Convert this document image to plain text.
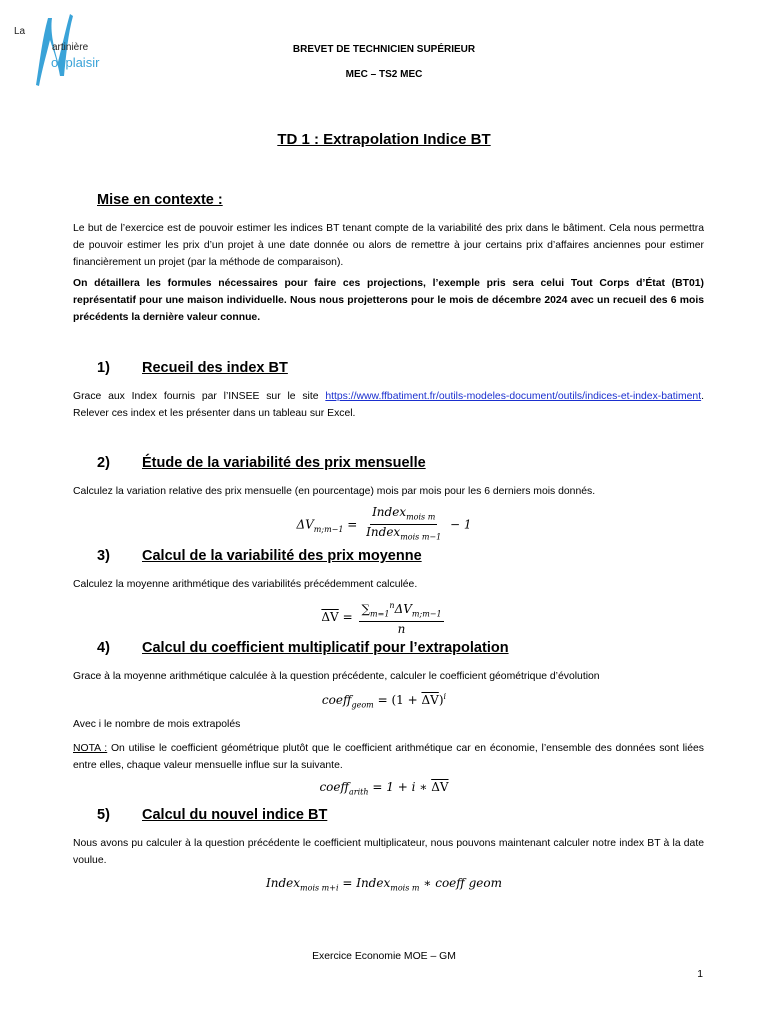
La
artinière
onplaisir
BREVET DE TECHNICIEN SUPÉRIEUR
MEC – TS2 MEC
TD 1 : Extrapolation Indice BT
Mise en contexte :
Le but de l’exercice est de pouvoir estimer les indices BT tenant compte de la variabilité des prix dans le bâtiment. Cela nous permettra de pouvoir estimer les prix d’un projet à une date donnée ou alors de remettre à jour certains prix d’affaires anciennes pour estimer financièrement un projet (par la méthode de comparaison).
On détaillera les formules nécessaires pour faire ces projections, l’exemple pris sera celui Tout Corps d’État (BT01) représentatif pour une maison individuelle. Nous nous projetterons pour le mois de décembre 2024 avec un recueil des 6 mois précédents la dernière valeur connue.
1) Recueil des index BT
Grace aux Index fournis par l’INSEE sur le site https://www.ffbatiment.fr/outils-modeles-document/outils/indices-et-index-batiment. Relever ces index et les présenter dans un tableau sur Excel.
2) Étude de la variabilité des prix mensuelle
Calculez la variation relative des prix mensuelle (en pourcentage) mois par mois pour les 6 derniers mois donnés.
$\Delta V_{m;m-1} = \frac{Index_{mois m}}{Index_{mois m-1}} - 1$
3) Calcul de la variabilité des prix moyenne
Calculez la moyenne arithmétique des variabilités précédemment calculée.
$\overline{\Delta V} = \frac{\sum_{m=1}^n\Delta V_{m;m-1}}{n}$
4) Calcul du coefficient multiplicatif pour l’extrapolation
Grace à la moyenne arithmétique calculée à la question précédente, calculer le coefficient géométrique d’évolution
coeff$_{geom}$ = $(1 + \overline{\Delta V})^i$
Avec i le nombre de mois extrapolés
NOTA : On utilise le coefficient géométrique plutôt que le coefficient arithmétique car en économie, l’ensemble des données sont liées entre elles, chaque valeur mensuelle influe sur la suivante.
coeff$_{arith}$ = 1 + i ∗ $\overline{\Delta V}$
5) Calcul du nouvel indice BT
Nous avons pu calculer à la question précédente le coefficient multiplicateur, nous pouvons maintenant calculer notre index BT à la date voulue.
Index$_{mois m+i}$ = Index$_{mois m}$ ∗ coeff geom
Exercice Economie MOE – GM
1
